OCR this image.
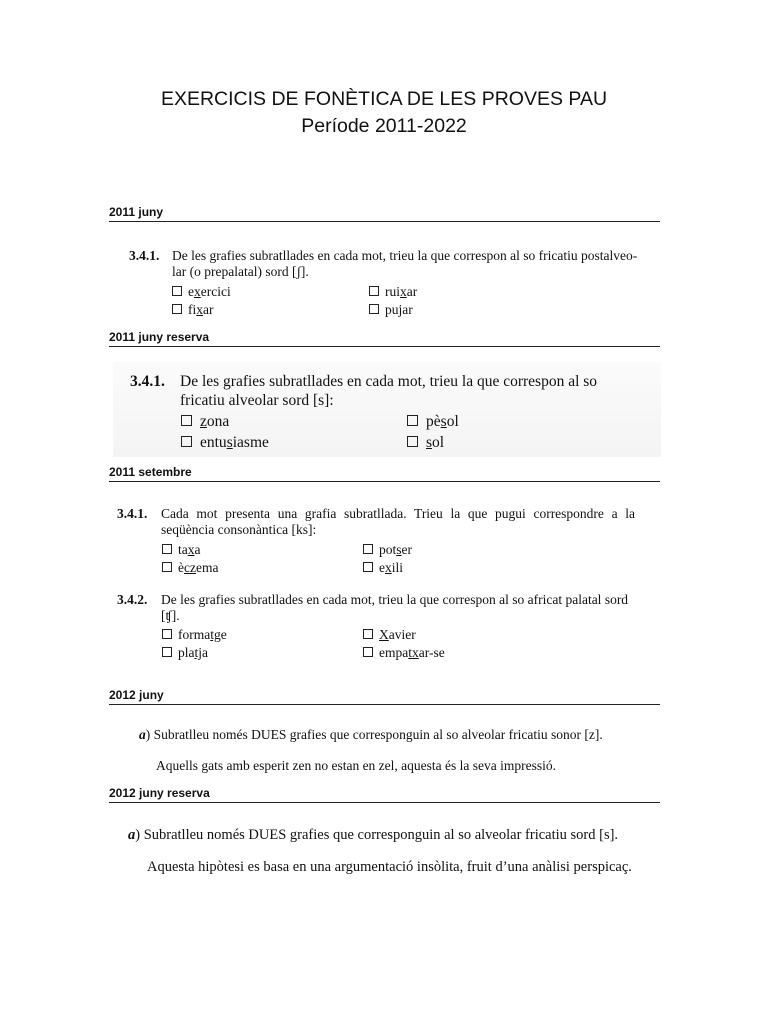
EXERCICIS DE FONÈTICA DE LES PROVES PAU
Període 2011-2022
2011 juny
3.4.1. De les grafies subratllades en cada mot, trieu la que correspon al so fricatiu postalveo-
lar (o prepalatal) sord [ʃ].
exercici	ruixar
fixar	pujar
2011 juny reserva
3.4.1. De les grafies subratllades en cada mot, trieu la que correspon al so
fricatiu alveolar sord [s]:
zona	pèsol
entusiasme	sol
2011 setembre
3.4.1. Cada mot presenta una grafia subratllada. Trieu la que pugui correspondre a la
seqüència consonàntica [ks]:
taxa	potser
èczema	exili
3.4.2. De les grafies subratllades en cada mot, trieu la que correspon al so africat palatal sord
[ʧ].
formatge	Xavier
platja	empatxar-se
2012 juny
a) Subratlleu només DUES grafies que corresponguin al so alveolar fricatiu sonor [z].
Aquells gats amb esperit zen no estan en zel, aquesta és la seva impressió.
2012 juny reserva
a) Subratlleu només DUES grafies que corresponguin al so alveolar fricatiu sord [s].
Aquesta hipòtesi es basa en una argumentació insòlita, fruit d’una anàlisi perspicaç.
